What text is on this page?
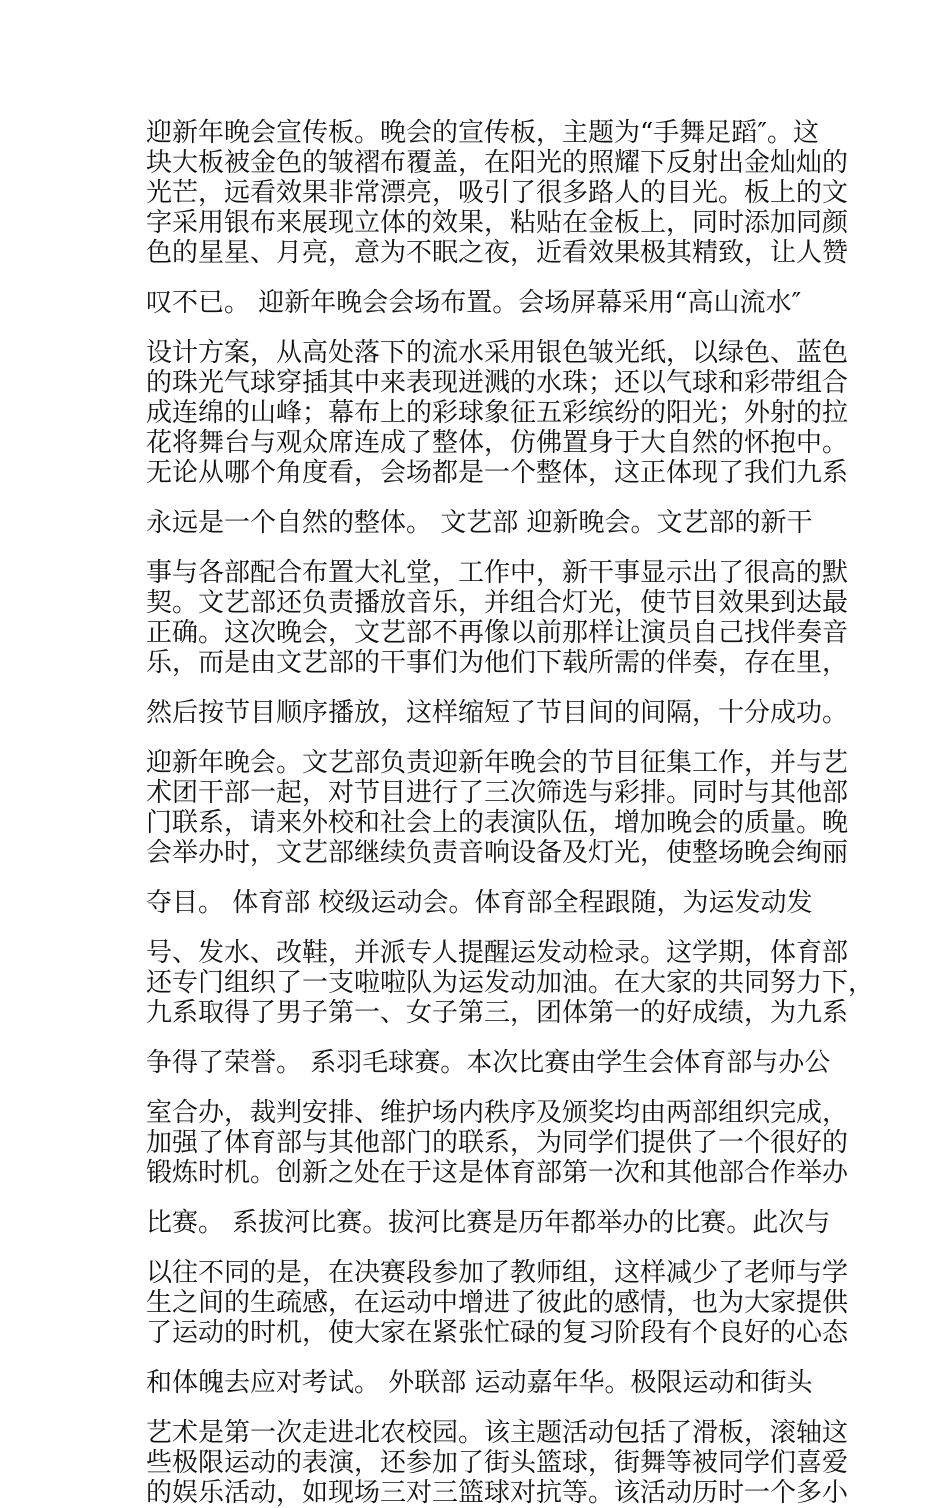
迎新年晚会宣传板。晚会的宣传板，主题为“手舞足蹈″。这
块大板被金色的皱褶布覆盖，在阳光的照耀下反射出金灿灿的
光芒，远看效果非常漂亮，吸引了很多路人的目光。板上的文
字采用银布来展现立体的效果，粘贴在金板上，同时添加同颜
色的星星、月亮，意为不眠之夜，近看效果极其精致，让人赞
叹不已。 迎新年晚会会场布置。会场屏幕采用“高山流水″
设计方案，从高处落下的流水采用银色皱光纸，以绿色、蓝色
的珠光气球穿插其中来表现迸溅的水珠；还以气球和彩带组合
成连绵的山峰；幕布上的彩球象征五彩缤纷的阳光；外射的拉
花将舞台与观众席连成了整体，仿佛置身于大自然的怀抱中。
无论从哪个角度看，会场都是一个整体，这正体现了我们九系
永远是一个自然的整体。 文艺部 迎新晚会。文艺部的新干
事与各部配合布置大礼堂，工作中，新干事显示出了很高的默
契。文艺部还负责播放音乐，并组合灯光，使节目效果到达最
正确。这次晚会，文艺部不再像以前那样让演员自己找伴奏音
乐，而是由文艺部的干事们为他们下载所需的伴奏，存在里，
然后按节目顺序播放，这样缩短了节目间的间隔，十分成功。
迎新年晚会。文艺部负责迎新年晚会的节目征集工作，并与艺
术团干部一起，对节目进行了三次筛选与彩排。同时与其他部
门联系，请来外校和社会上的表演队伍，增加晚会的质量。晚
会举办时，文艺部继续负责音响设备及灯光，使整场晚会绚丽
夺目。 体育部 校级运动会。体育部全程跟随，为运发动发
号、发水、改鞋，并派专人提醒运发动检录。这学期，体育部
还专门组织了一支啦啦队为运发动加油。在大家的共同努力下，
九系取得了男子第一、女子第三，团体第一的好成绩，为九系
争得了荣誉。 系羽毛球赛。本次比赛由学生会体育部与办公
室合办，裁判安排、维护场内秩序及颁奖均由两部组织完成，
加强了体育部与其他部门的联系，为同学们提供了一个很好的
锻炼时机。创新之处在于这是体育部第一次和其他部合作举办
比赛。 系拔河比赛。拔河比赛是历年都举办的比赛。此次与
以往不同的是，在决赛段参加了教师组，这样减少了老师与学
生之间的生疏感，在运动中增进了彼此的感情，也为大家提供
了运动的时机，使大家在紧张忙碌的复习阶段有个良好的心态
和体魄去应对考试。 外联部 运动嘉年华。极限运动和街头
艺术是第一次走进北农校园。该主题活动包括了滑板，滚轴这
些极限运动的表演，还参加了街头篮球，街舞等被同学们喜爱
的娱乐活动，如现场三对三篮球对抗等。该活动历时一个多小
